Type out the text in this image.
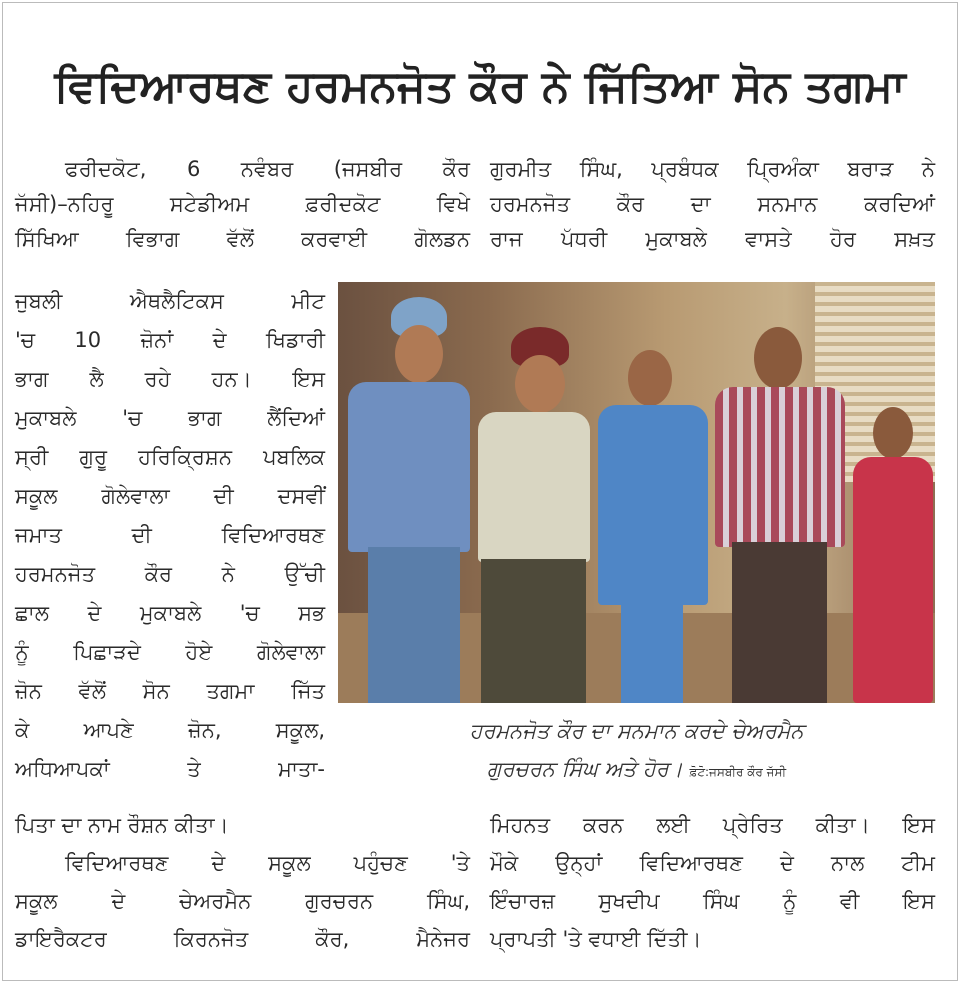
ਵਿਦਿਆਰਥਣ ਹਰਮਨਜੋਤ ਕੌਰ ਨੇ ਜਿੱਤਿਆ ਸੋਨ ਤਗਮਾ
ਫਰੀਦਕੋਟ, 6 ਨਵੰਬਰ (ਜਸਬੀਰ ਕੌਰ
ਜੱਸੀ)–ਨਹਿਰੂ ਸਟੇਡੀਅਮ ਫ਼ਰੀਦਕੋਟ ਵਿਖੇ
ਸਿੱਖਿਆ ਵਿਭਾਗ ਵੱਲੋਂ ਕਰਵਾਈ ਗੋਲਡਨ
ਗੁਰਮੀਤ ਸਿੰਘ, ਪ੍ਰਬੰਧਕ ਪ੍ਰਿਅੰਕਾ ਬਰਾੜ ਨੇ
ਹਰਮਨਜੋਤ ਕੌਰ ਦਾ ਸਨਮਾਨ ਕਰਦਿਆਂ
ਰਾਜ ਪੱਧਰੀ ਮੁਕਾਬਲੇ ਵਾਸਤੇ ਹੋਰ ਸਖ਼ਤ
ਜੁਬਲੀ ਐਥਲੈਟਿਕਸ ਮੀਟ
'ਚ 10 ਜ਼ੋਨਾਂ ਦੇ ਖਿਡਾਰੀ
ਭਾਗ ਲੈ ਰਹੇ ਹਨ। ਇਸ
ਮੁਕਾਬਲੇ 'ਚ ਭਾਗ ਲੈਂਦਿਆਂ
ਸ੍ਰੀ ਗੁਰੂ ਹਰਿਕ੍ਰਿਸ਼ਨ ਪਬਲਿਕ
ਸਕੂਲ ਗੋਲੇਵਾਲਾ ਦੀ ਦਸਵੀਂ
ਜਮਾਤ ਦੀ ਵਿਦਿਆਰਥਣ
ਹਰਮਨਜੋਤ ਕੌਰ ਨੇ ਉੱਚੀ
ਛਾਲ ਦੇ ਮੁਕਾਬਲੇ 'ਚ ਸਭ
ਨੂੰ ਪਿਛਾੜਦੇ ਹੋਏ ਗੋਲੇਵਾਲਾ
ਜ਼ੋਨ ਵੱਲੋਂ ਸੋਨ ਤਗਮਾ ਜਿੱਤ
ਕੇ ਆਪਣੇ ਜ਼ੋਨ, ਸਕੂਲ,
ਅਧਿਆਪਕਾਂ ਤੇ ਮਾਤਾ-
ਹਰਮਨਜੋਤ ਕੌਰ ਦਾ ਸਨਮਾਨ ਕਰਦੇ ਚੇਅਰਮੈਨ
ਗੁਰਚਰਨ ਸਿੰਘ ਅਤੇ ਹੋਰ। ਫ਼ੋਟੋ:ਜਸਬੀਰ ਕੌਰ ਜੱਸੀ
ਪਿਤਾ ਦਾ ਨਾਮ ਰੌਸ਼ਨ ਕੀਤਾ।
ਵਿਦਿਆਰਥਣ ਦੇ ਸਕੂਲ ਪਹੁੰਚਣ 'ਤੇ
ਸਕੂਲ ਦੇ ਚੇਅਰਮੈਨ ਗੁਰਚਰਨ ਸਿੰਘ,
ਡਾਇਰੈਕਟਰ ਕਿਰਨਜੋਤ ਕੌਰ, ਮੈਨੇਜਰ
ਮਿਹਨਤ ਕਰਨ ਲਈ ਪ੍ਰੇਰਿਤ ਕੀਤਾ। ਇਸ
ਮੌਕੇ ਉਨ੍ਹਾਂ ਵਿਦਿਆਰਥਣ ਦੇ ਨਾਲ ਟੀਮ
ਇੰਚਾਰਜ਼ ਸੁਖਦੀਪ ਸਿੰਘ ਨੂੰ ਵੀ ਇਸ
ਪ੍ਰਾਪਤੀ 'ਤੇ ਵਧਾਈ ਦਿੱਤੀ।
